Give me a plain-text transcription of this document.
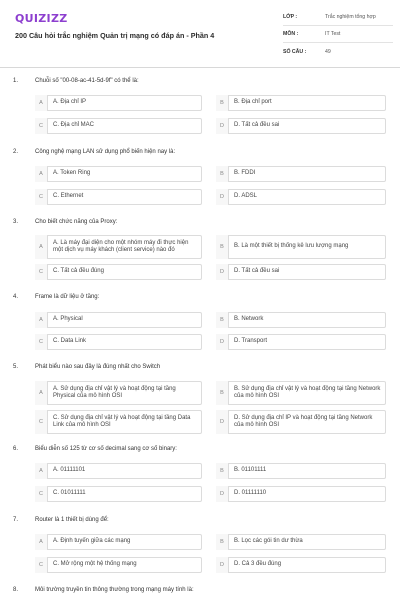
QUIZIZZ
200 Câu hỏi trắc nghiệm Quản trị mạng có đáp án - Phần 4
LỚP :	Trắc nghiệm tổng hợp
MÔN :	IT Test
SỐ CÂU :	49
1.	Chuỗi số "00-08-ac-41-5d-9f" có thể là:
A	A. Địa chỉ IP	B	B. Địa chỉ port
C	C. Địa chỉ MAC	D	D. Tất cả đều sai
2.	Công nghệ mạng LAN sử dụng phổ biến hiện nay là:
A	A. Token Ring	B	B. FDDI
C	C. Ethernet	D	D. ADSL
3.	Cho biết chức năng của Proxy:
A
A. Là máy đại diện cho một nhóm máy đi thực hiện một dịch vụ máy khách (client service) nào đó	B	B. Là một thiết bị thống kê lưu lượng mạng
C	C. Tất cả đều đúng	D	D. Tất cả đều sai
4.	Frame là dữ liệu ở tầng:
A	A. Physical	B	B. Network
C	C. Data Link	D	D. Transport
5.	Phát biểu nào sau đây là đúng nhất cho Switch
A
A. Sử dụng địa chỉ vật lý và hoạt động tại tầng Physical của mô hình OSI	B
B. Sử dụng địa chỉ vật lý và hoạt động tại tầng Network của mô hình OSI
C
C. Sử dụng địa chỉ vật lý và hoạt động tại tầng Data Link của mô hình OSI	D
D. Sử dụng địa chỉ IP và hoạt động tại tầng Network của mô hình OSI
6.	Biểu diễn số 125 từ cơ số decimal sang cơ số binary:
A	A. 01111101	B	B. 01101111
C	C. 01011111	D	D. 01111110
7.	Router là 1 thiết bị dùng để:
A	A. Định tuyến giữa các mạng	B	B. Lọc các gói tin dư thừa
C	C. Mở rộng một hệ thống mạng	D	D. Cả 3 đều đúng
8.	Môi trường truyền tin thông thường trong mạng máy tính là:
